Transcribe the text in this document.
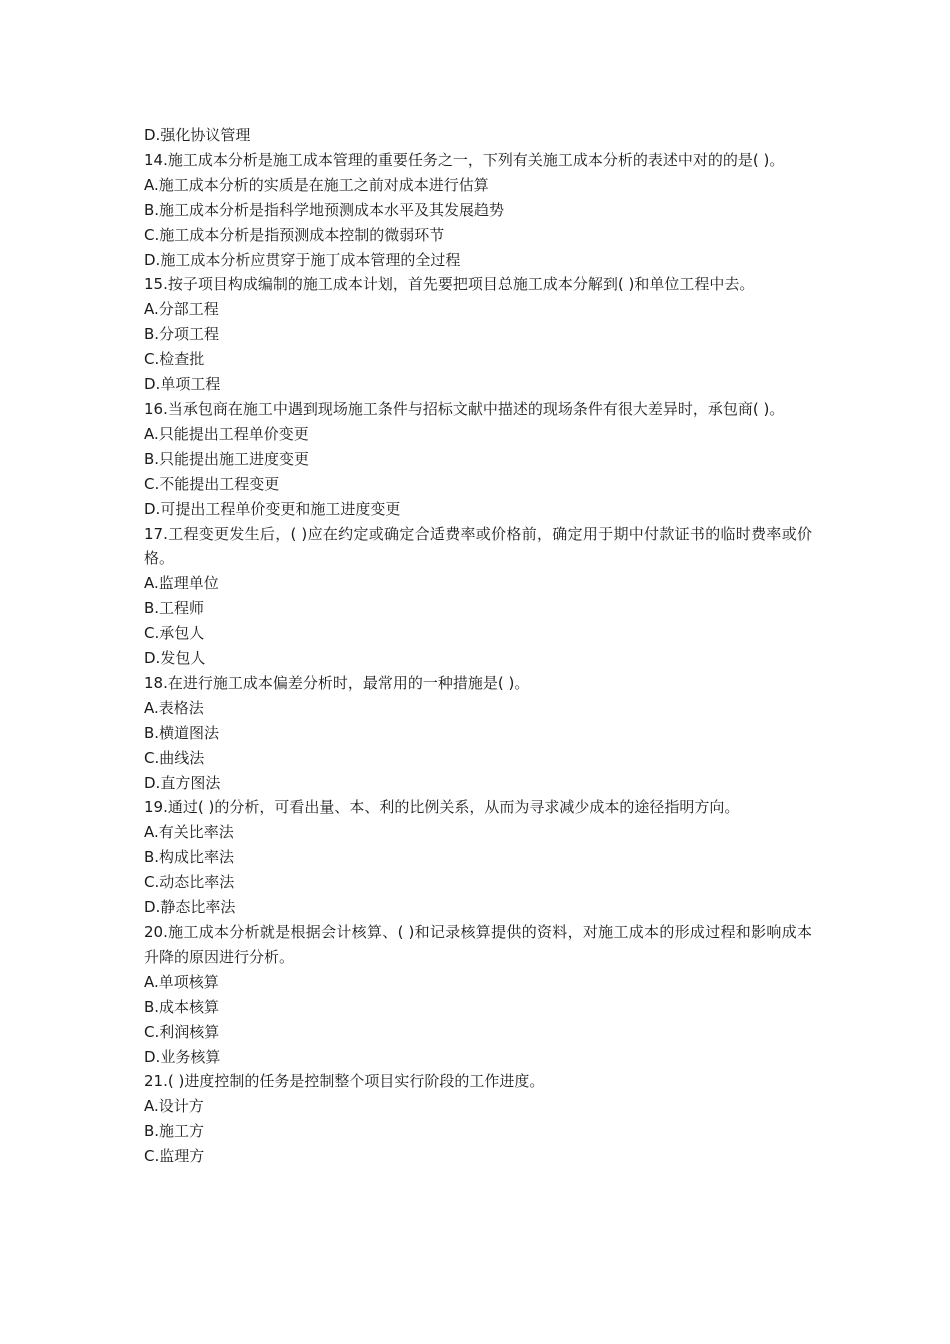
D.强化协议管理
14.施工成本分析是施工成本管理的重要任务之一，下列有关施工成本分析的表述中对的的是( )。
A.施工成本分析的实质是在施工之前对成本进行估算
B.施工成本分析是指科学地预测成本水平及其发展趋势
C.施工成本分析是指预测成本控制的微弱环节
D.施工成本分析应贯穿于施丁成本管理的全过程
15.按子项目构成编制的施工成本计划，首先要把项目总施工成本分解到( )和单位工程中去。
A.分部工程
B.分项工程
C.检查批
D.单项工程
16.当承包商在施工中遇到现场施工条件与招标文献中描述的现场条件有很大差异时，承包商( )。
A.只能提出工程单价变更
B.只能提出施工进度变更
C.不能提出工程变更
D.可提出工程单价变更和施工进度变更
17.工程变更发生后，( )应在约定或确定合适费率或价格前，确定用于期中付款证书的临时费率或价格。
A.监理单位
B.工程师
C.承包人
D.发包人
18.在进行施工成本偏差分析时，最常用的一种措施是( )。
A.表格法
B.横道图法
C.曲线法
D.直方图法
19.通过( )的分析，可看出量、本、利的比例关系，从而为寻求减少成本的途径指明方向。
A.有关比率法
B.构成比率法
C.动态比率法
D.静态比率法
20.施工成本分析就是根据会计核算、( )和记录核算提供的资料，对施工成本的形成过程和影响成本升降的原因进行分析。
A.单项核算
B.成本核算
C.利润核算
D.业务核算
21.( )进度控制的任务是控制整个项目实行阶段的工作进度。
A.设计方
B.施工方
C.监理方
